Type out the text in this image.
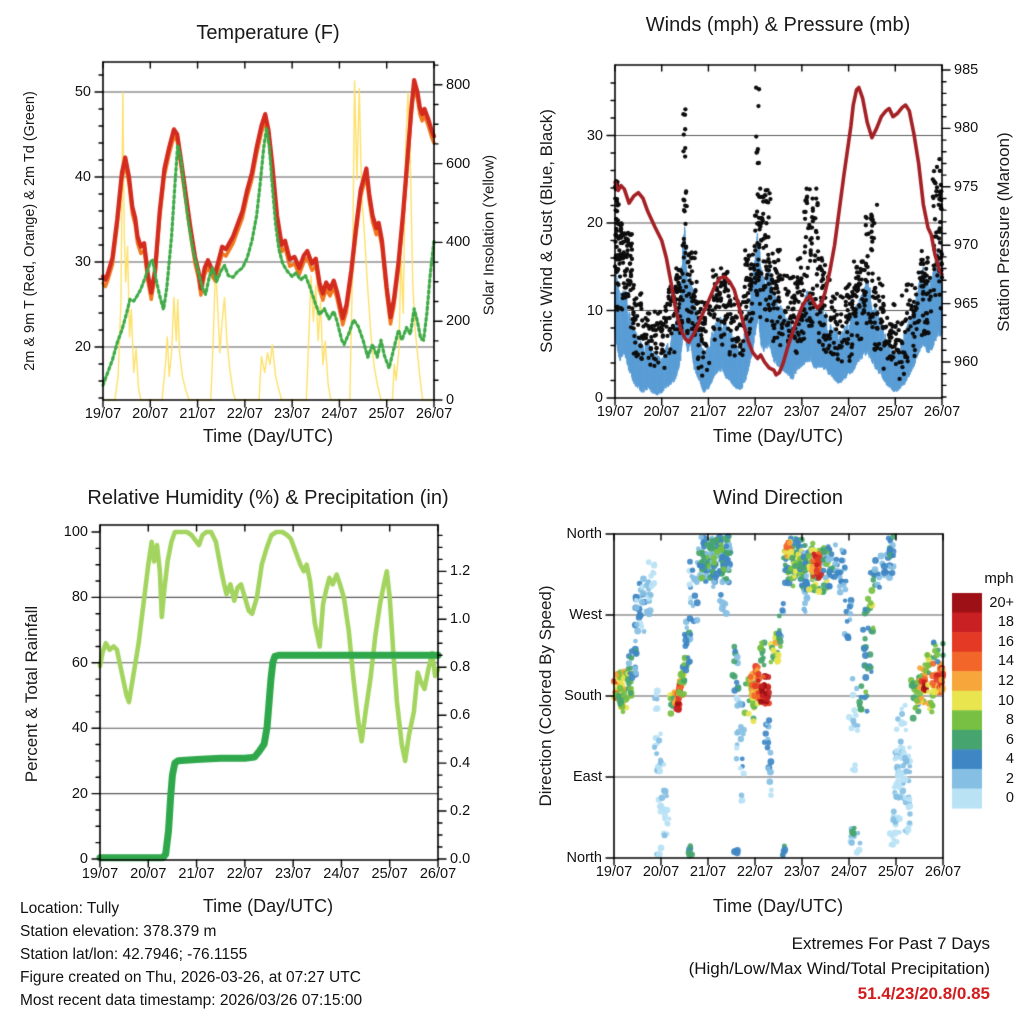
Temperature (F)	Winds (mph) & Pressure (mb)
Relative Humidity (%) & Precipitation (in)	Wind Direction
Time (Day/UTC)	Time (Day/UTC)
Time (Day/UTC)	Time (Day/UTC)
2m & 9m T (Red, Orange) & 2m Td (Green)	Solar Insolation (Yellow) Sonic Wind & Gust (Blue, Black)	Station Pressure (Maroon)
Percent & Total Rainfall	Direction (Colored By Speed)
mph
Location: Tully
Station elevation: 378.379 m
Station lat/lon: 42.7946; -76.1155
Figure created on Thu, 2026-03-26, at 07:27 UTC
Most recent data timestamp: 2026/03/26 07:15:00
Extremes For Past 7 Days
(High/Low/Max Wind/Total Precipitation)
51.4/23/20.8/0.85
20
30
40
50
0
200
400
600
800
19/07 20/07 21/07 22/07 23/07 24/07 25/07 26/07
0
10
20
30
960
965
970
975
980
985
19/07 20/07 21/07 22/07 23/07 24/07 25/07 26/07
0
20
40
60
80
100
0.0
0.2
0.4
0.6
0.8
1.0
1.2
19/07 20/07 21/07 22/07 23/07 24/07 25/07 26/07
North
West
South
East
North
19/07 20/07 21/07 22/07 23/07 24/07 25/07 26/07
20+
18
16
14
12
10
8
6
4
2
0
